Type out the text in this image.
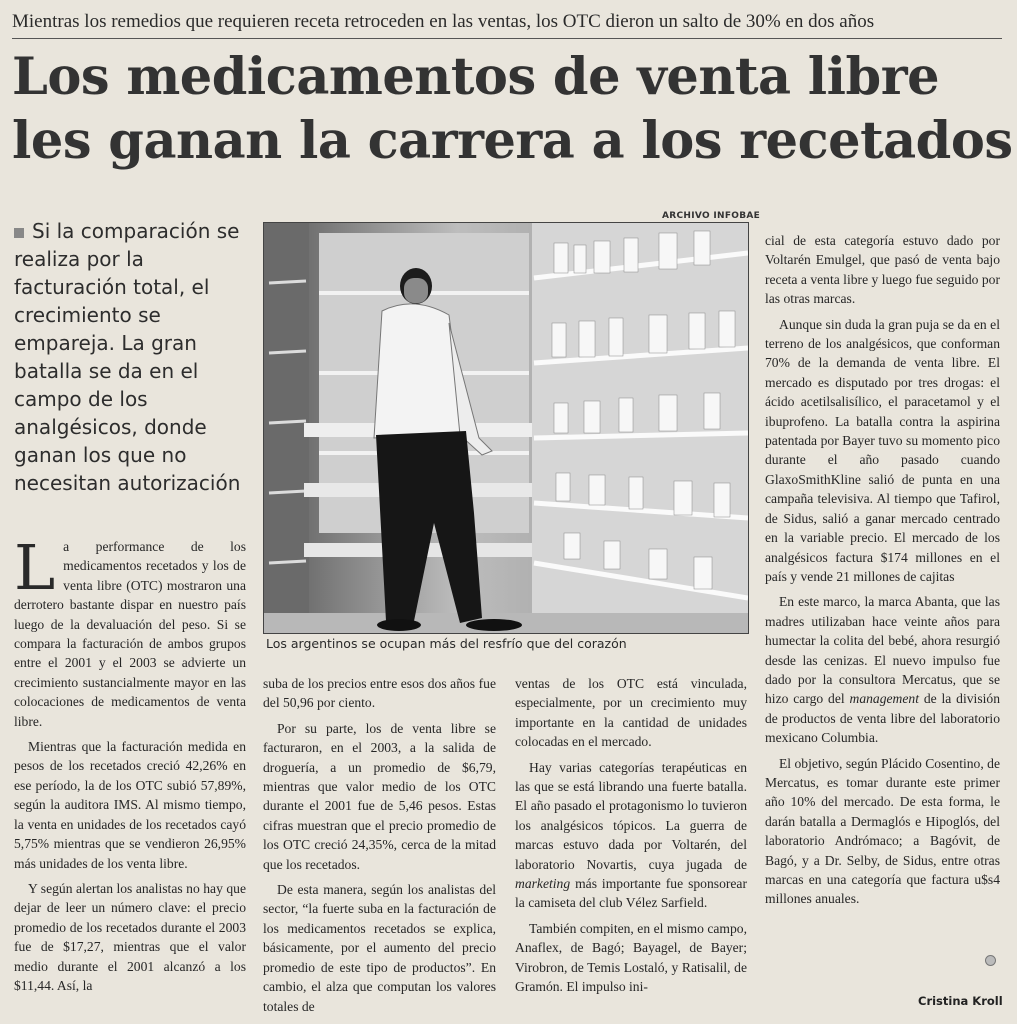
Mientras los remedios que requieren receta retroceden en las ventas, los OTC dieron un salto de 30% en dos años
Los medicamentos de venta libre
les ganan la carrera a los recetados
Si la comparación se realiza por la facturación total, el crecimiento se empareja. La gran batalla se da en el campo de los analgésicos, donde ganan los que no necesitan autorización
ARCHIVO INFOBAE
Los argentinos se ocupan más del resfrío que del corazón

La performance de los medicamentos recetados y los de venta libre (OTC) mostraron una derrotero bastante dispar en nuestro país luego de la devaluación del peso. Si se compara la facturación de ambos grupos entre el 2001 y el 2003 se advierte un crecimiento sustancialmente mayor en las colocaciones de medicamentos de venta libre.

Mientras que la facturación medida en pesos de los recetados creció 42,26% en ese período, la de los OTC subió 57,89%, según la auditora IMS. Al mismo tiempo, la venta en unidades de los recetados cayó 5,75% mientras que se vendieron 26,95% más unidades de los venta libre.

Y según alertan los analistas no hay que dejar de leer un número clave: el precio promedio de los recetados durante el 2003 fue de $17,27, mientras que el valor medio durante el 2001 alcanzó a los $11,44. Así, la

suba de los precios entre esos dos años fue del 50,96 por ciento.

Por su parte, los de venta libre se facturaron, en el 2003, a la salida de droguería, a un promedio de $6,79, mientras que valor medio de los OTC durante el 2001 fue de 5,46 pesos. Estas cifras muestran que el precio promedio de los OTC creció 24,35%, cerca de la mitad que los recetados.

De esta manera, según los analistas del sector, “la fuerte suba en la facturación de los medicamentos recetados se explica, básicamente, por el aumento del precio promedio de este tipo de productos”. En cambio, el alza que computan los valores totales de

ventas de los OTC está vinculada, especialmente, por un crecimiento muy importante en la cantidad de unidades colocadas en el mercado.

Hay varias categorías terapéuticas en las que se está librando una fuerte batalla. El año pasado el protagonismo lo tuvieron los analgésicos tópicos. La guerra de marcas estuvo dada por Voltarén, del laboratorio Novartis, cuya jugada de marketing más importante fue sponsorear la camiseta del club Vélez Sarfield.

También compiten, en el mismo campo, Anaflex, de Bagó; Bayagel, de Bayer; Virobron, de Temis Lostaló, y Ratisalil, de Gramón. El impulso ini-

cial de esta categoría estuvo dado por Voltarén Emulgel, que pasó de venta bajo receta a venta libre y luego fue seguido por las otras marcas.

Aunque sin duda la gran puja se da en el terreno de los analgésicos, que conforman 70% de la demanda de venta libre. El mercado es disputado por tres drogas: el ácido acetilsalisílico, el paracetamol y el ibuprofeno. La batalla contra la aspirina patentada por Bayer tuvo su momento pico durante el año pasado cuando GlaxoSmithKline salió de punta en una campaña televisiva. Al tiempo que Tafirol, de Sidus, salió a ganar mercado centrado en la variable precio. El mercado de los analgésicos factura $174 millones en el país y vende 21 millones de cajitas

En este marco, la marca Abanta, que las madres utilizaban hace veinte años para humectar la colita del bebé, ahora resurgió desde las cenizas. El nuevo impulso fue dado por la consultora Mercatus, que se hizo cargo del management de la división de productos de venta libre del laboratorio mexicano Columbia.

El objetivo, según Plácido Cosentino, de Mercatus, es tomar durante este primer año 10% del mercado. De esta forma, le darán batalla a Dermaglós e Hipoglós, del laboratorio Andrómaco; a Bagóvit, de Bagó, y a Dr. Selby, de Sidus, entre otras marcas en una categoría que factura u$s4 millones anuales.

Cristina Kroll
